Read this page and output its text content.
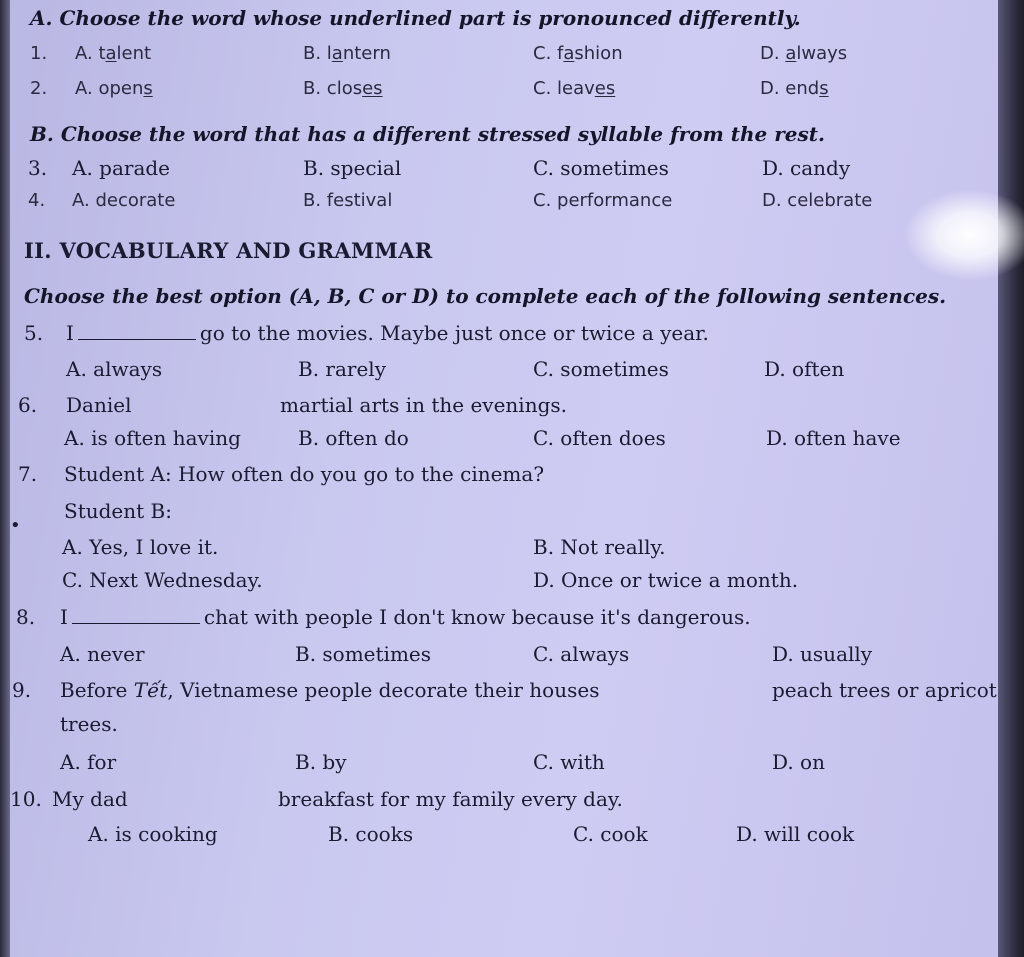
A. Choose the word whose underlined part is pronounced differently.
1. A. talent	B. lantern	C. fashion	D. always
2. A. opens	B. closes	C. leaves	D. ends
B. Choose the word that has a different stressed syllable from the rest.
3. A. parade	B. special	C. sometimes	D. candy
4. A. decorate	B. festival	C. performance	D. celebrate
II. VOCABULARY AND GRAMMAR
Choose the best option (A, B, C or D) to complete each of the following sentences.
5. I	go to the movies. Maybe just once or twice a year.
A. always	B. rarely	C. sometimes	D. often
6. Daniel	martial arts in the evenings.
A. is often having	B. often do	C. often does	D. often have
7. Student A: How often do you go to the cinema?
•
Student B:
A. Yes, I love it.	B. Not really.
C. Next Wednesday.	D. Once or twice a month.
8. I	chat with people I don't know because it's dangerous.
A. never	B. sometimes	C. always	D. usually
9. Before Tết, Vietnamese people decorate their houses	peach trees or apricot
trees.
A. for	B. by	C. with	D. on
10. My dad	breakfast for my family every day.
A. is cooking	B. cooks	C. cook	D. will cook
